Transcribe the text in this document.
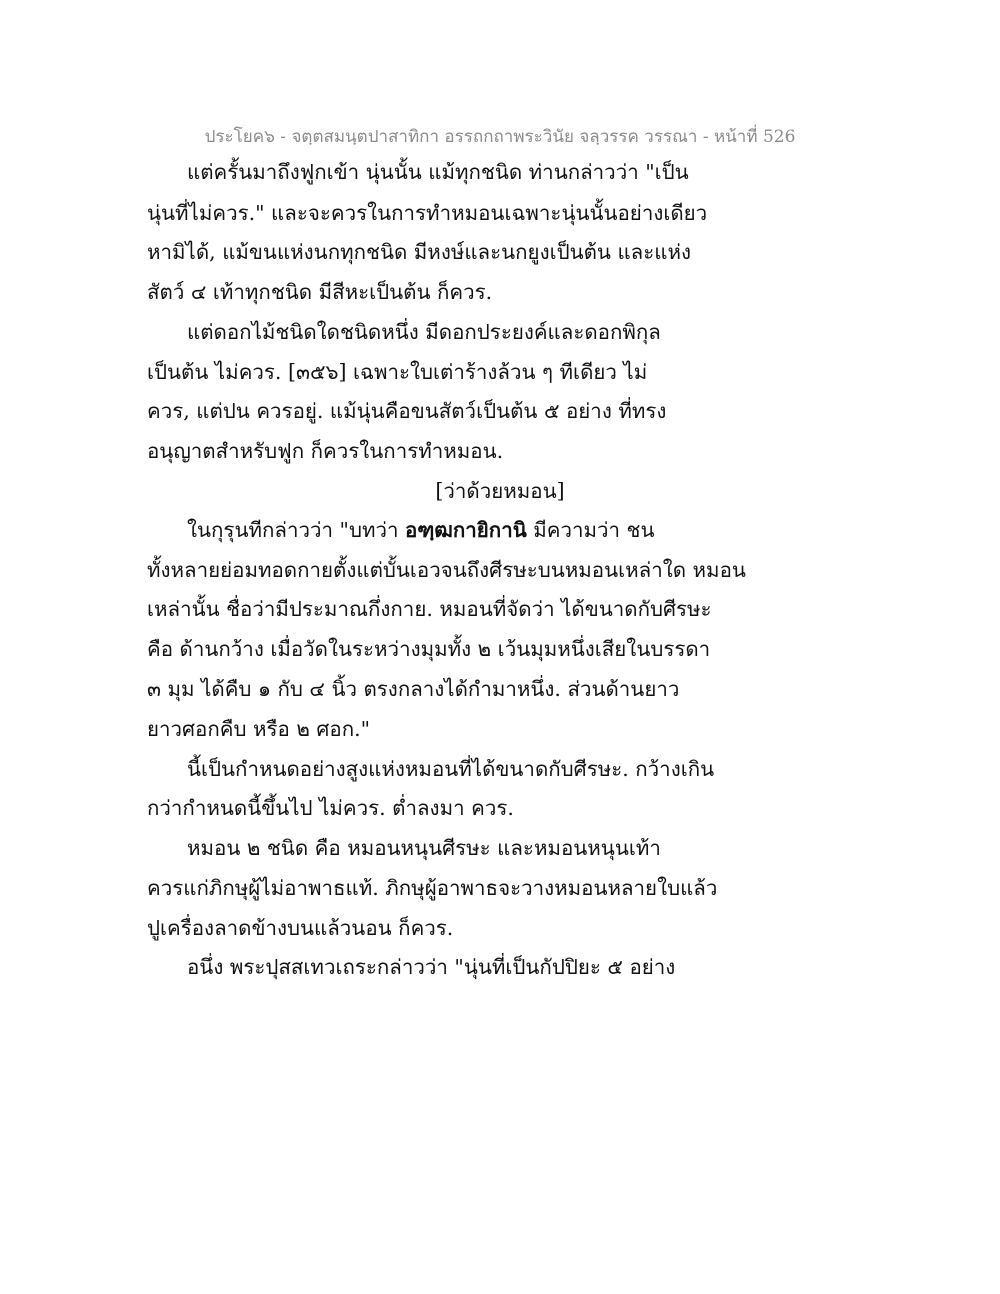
ประโยค๖ - จตฺตสมนฺตปาสาทิกา อรรถกถาพระวินัย จลฺวรรค วรรณา - หน้าที่ 526
แต่ครั้นมาถึงฟูกเข้า นุ่นนั้น แม้ทุกชนิด ท่านกล่าวว่า "เป็น
นุ่นที่ไม่ควร." และจะควรในการทำหมอนเฉพาะนุ่นนั้นอย่างเดียว
หามิได้, แม้ขนแห่งนกทุกชนิด มีหงษ์และนกยูงเป็นต้น และแห่ง
สัตว์ ๔ เท้าทุกชนิด มีสีหะเป็นต้น ก็ควร.
แต่ดอกไม้ชนิดใดชนิดหนึ่ง มีดอกประยงค์และดอกพิกุล
เป็นต้น ไม่ควร. [๓๕๖] เฉพาะใบเต่าร้างล้วน ๆ ทีเดียว ไม่
ควร, แต่ปน ควรอยู่. แม้นุ่นคือขนสัตว์เป็นต้น ๕ อย่าง ที่ทรง
อนุญาตสำหรับฟูก ก็ควรในการทำหมอน.
[ว่าด้วยหมอน]
ในกุรุนทีกล่าวว่า "บทว่า อฑฺฒกายิกานิ มีความว่า ชน
ทั้งหลายย่อมทอดกายตั้งแต่บั้นเอวจนถึงศีรษะบนหมอนเหล่าใด หมอน
เหล่านั้น ชื่อว่ามีประมาณกึ่งกาย. หมอนที่จัดว่า ได้ขนาดกับศีรษะ
คือ ด้านกว้าง เมื่อวัดในระหว่างมุมทั้ง ๒ เว้นมุมหนึ่งเสียในบรรดา
๓ มุม ได้คืบ ๑ กับ ๔ นิ้ว ตรงกลางได้กำมาหนึ่ง. ส่วนด้านยาว
ยาวศอกคืบ หรือ ๒ ศอก."
นี้เป็นกำหนดอย่างสูงแห่งหมอนที่ได้ขนาดกับศีรษะ. กว้างเกิน
กว่ากำหนดนี้ขึ้นไป ไม่ควร. ต่ำลงมา ควร.
หมอน ๒ ชนิด คือ หมอนหนุนศีรษะ และหมอนหนุนเท้า
ควรแก่ภิกษุผู้ไม่อาพาธแท้. ภิกษุผู้อาพาธจะวางหมอนหลายใบแล้ว
ปูเครื่องลาดข้างบนแล้วนอน ก็ควร.
อนึ่ง พระปุสสเทวเถระกล่าวว่า "นุ่นที่เป็นกัปปิยะ ๕ อย่าง
